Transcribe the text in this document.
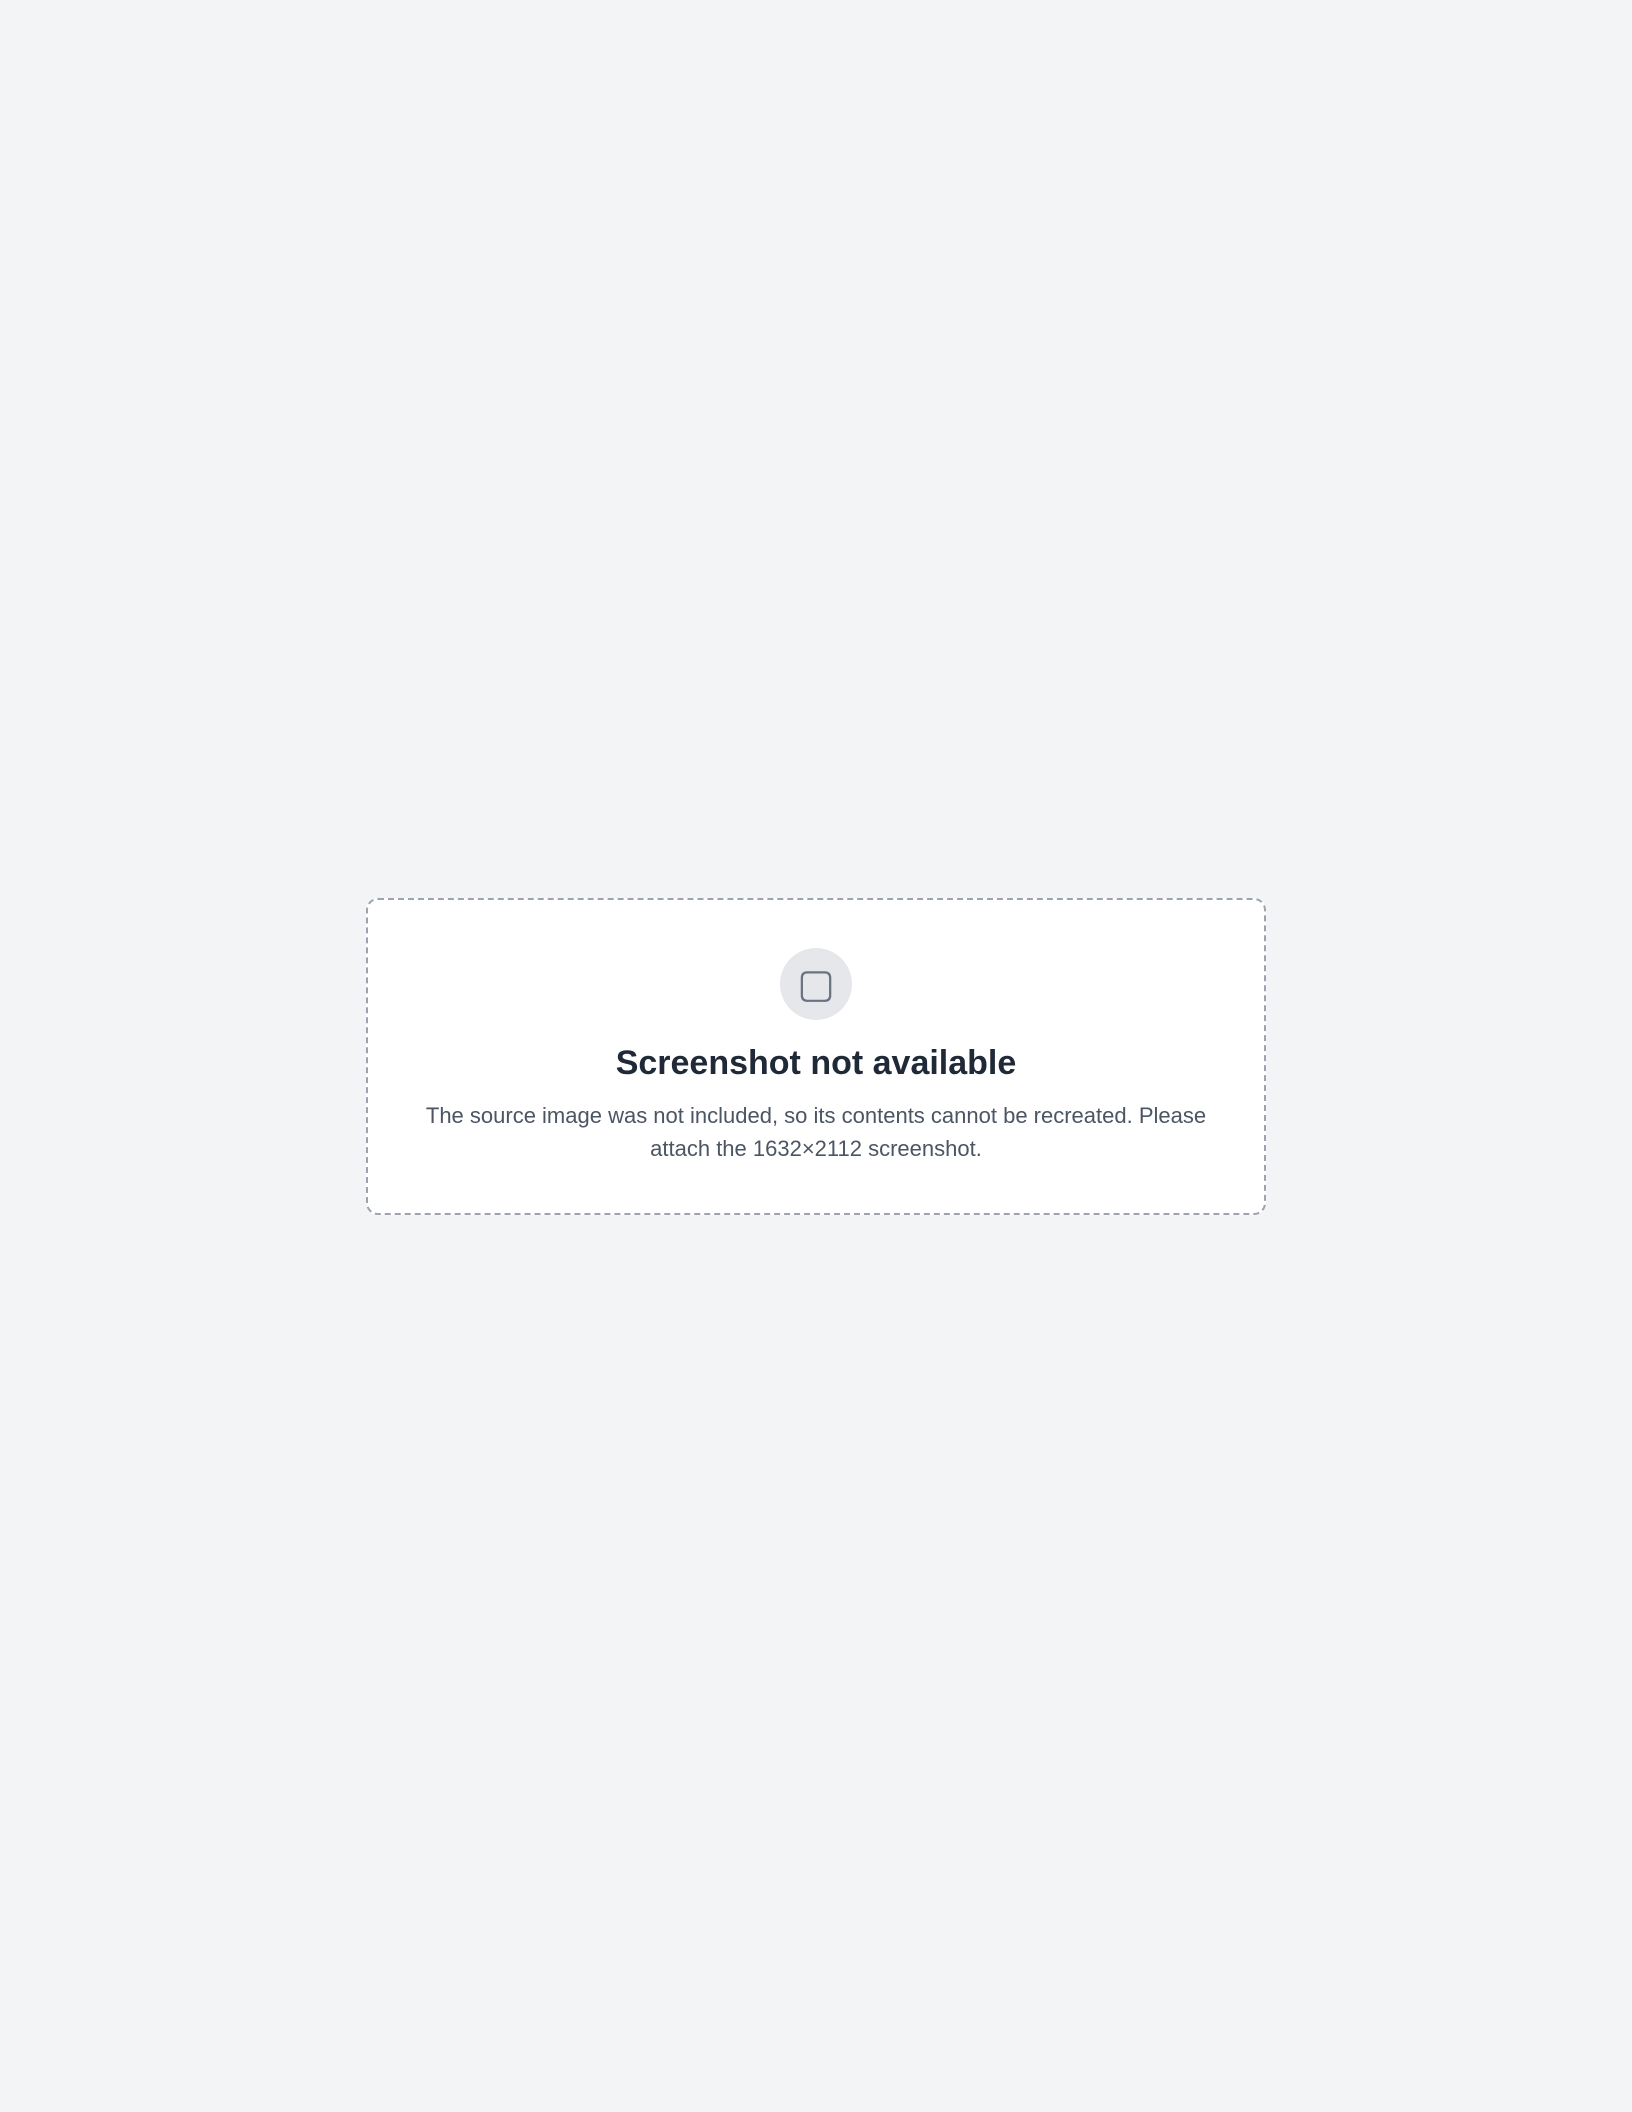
▢
Screenshot not available

The source image was not included, so its contents cannot be recreated. Please attach the 1632×2112 screenshot.
